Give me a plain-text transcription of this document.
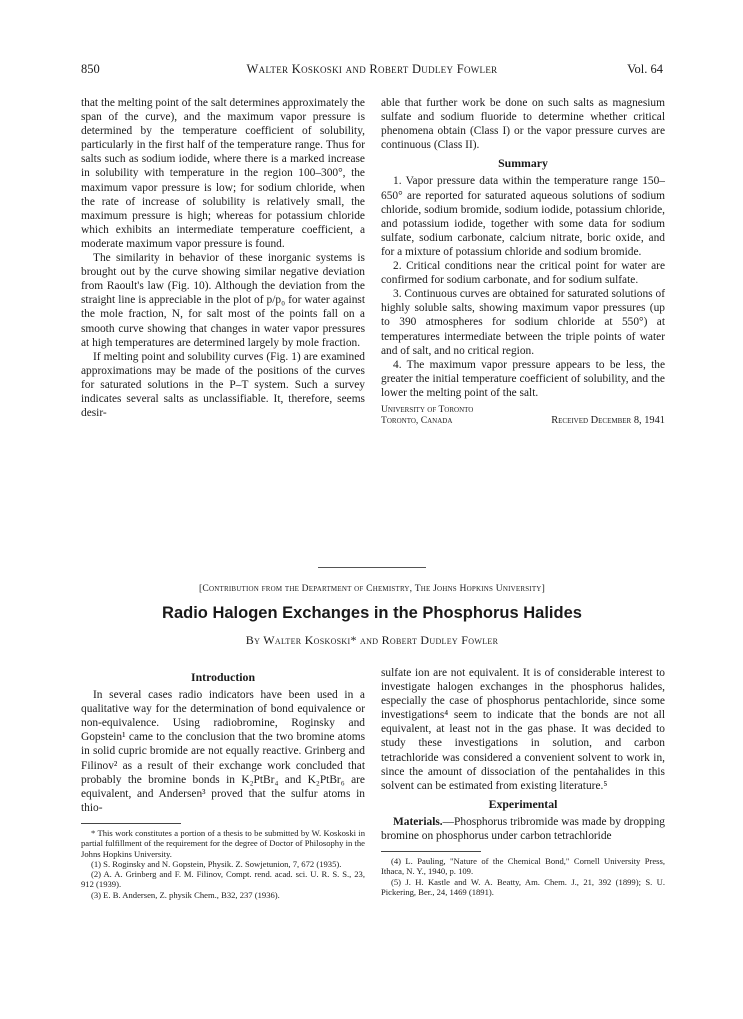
850	Walter Koskoski and Robert Dudley Fowler	Vol. 64

that the melting point of the salt determines approximately the span of the curve), and the maximum vapor pressure is determined by the temperature coefficient of solubility, particularly in the first half of the temperature range. Thus for salts such as sodium iodide, where there is a marked increase in solubility with temperature in the region 100–300°, the maximum vapor pressure is low; for sodium chloride, when the rate of increase of solubility is relatively small, the maximum pressure is high; whereas for potassium chloride which exhibits an intermediate temperature coefficient, a moderate maximum vapor pressure is found.

The similarity in behavior of these inorganic systems is brought out by the curve showing similar negative deviation from Raoult's law (Fig. 10). Although the deviation from the straight line is appreciable in the plot of p/p₀ for water against the mole fraction, N, for salt most of the points fall on a smooth curve showing that changes in water vapor pressures at high temperatures are determined largely by mole fraction.

If melting point and solubility curves (Fig. 1) are examined approximations may be made of the positions of the curves for saturated solutions in the P–T system. Such a survey indicates several salts as unclassifiable. It, therefore, seems desir-

able that further work be done on such salts as magnesium sulfate and sodium fluoride to determine whether critical phenomena obtain (Class I) or the vapor pressure curves are continuous (Class II).

Summary

1. Vapor pressure data within the temperature range 150–650° are reported for saturated aqueous solutions of sodium chloride, sodium bromide, sodium iodide, potassium chloride, and potassium iodide, together with some data for sodium sulfate, sodium carbonate, calcium nitrate, boric oxide, and for a mixture of potassium chloride and sodium bromide.

2. Critical conditions near the critical point for water are confirmed for sodium carbonate, and for sodium sulfate.

3. Continuous curves are obtained for saturated solutions of highly soluble salts, showing maximum vapor pressures (up to 390 atmospheres for sodium chloride at 550°) at temperatures intermediate between the triple points of water and of salt, and no critical region.

4. The maximum vapor pressure appears to be less, the greater the initial temperature coefficient of solubility, and the lower the melting point of the salt.

University of Toronto
Toronto, Canada	Received December 8, 1941
[Contribution from the Department of Chemistry, The Johns Hopkins University]
Radio Halogen Exchanges in the Phosphorus Halides
By Walter Koskoski* and Robert Dudley Fowler
Introduction

In several cases radio indicators have been used in a qualitative way for the determination of bond equivalence or non-equivalence. Using radiobromine, Roginsky and Gopstein¹ came to the conclusion that the two bromine atoms in solid cupric bromide are not equally reactive. Grinberg and Filinov² as a result of their exchange work concluded that probably the bromine bonds in K₂PtBr₄ and K₂PtBr₆ are equivalent, and Andersen³ proved that the sulfur atoms in thio-

* This work constitutes a portion of a thesis to be submitted by W. Koskoski in partial fulfillment of the requirement for the degree of Doctor of Philosophy in the Johns Hopkins University.

(1) S. Roginsky and N. Gopstein, Physik. Z. Sowjetunion, 7, 672 (1935).

(2) A. A. Grinberg and F. M. Filinov, Compt. rend. acad. sci. U. R. S. S., 23, 912 (1939).

(3) E. B. Andersen, Z. physik Chem., B32, 237 (1936).

sulfate ion are not equivalent. It is of considerable interest to investigate halogen exchanges in the phosphorus halides, especially the case of phosphorus pentachloride, since some investigations⁴ seem to indicate that the bonds are not all equivalent, at least not in the gas phase. It was decided to study these investigations in solution, and carbon tetrachloride was considered a convenient solvent to work in, since the amount of dissociation of the pentahalides in this solvent can be estimated from existing literature.⁵

Experimental

Materials.—Phosphorus tribromide was made by dropping bromine on phosphorus under carbon tetrachloride

(4) L. Pauling, "Nature of the Chemical Bond," Cornell University Press, Ithaca, N. Y., 1940, p. 109.

(5) J. H. Kastle and W. A. Beatty, Am. Chem. J., 21, 392 (1899); S. U. Pickering, Ber., 24, 1469 (1891).
